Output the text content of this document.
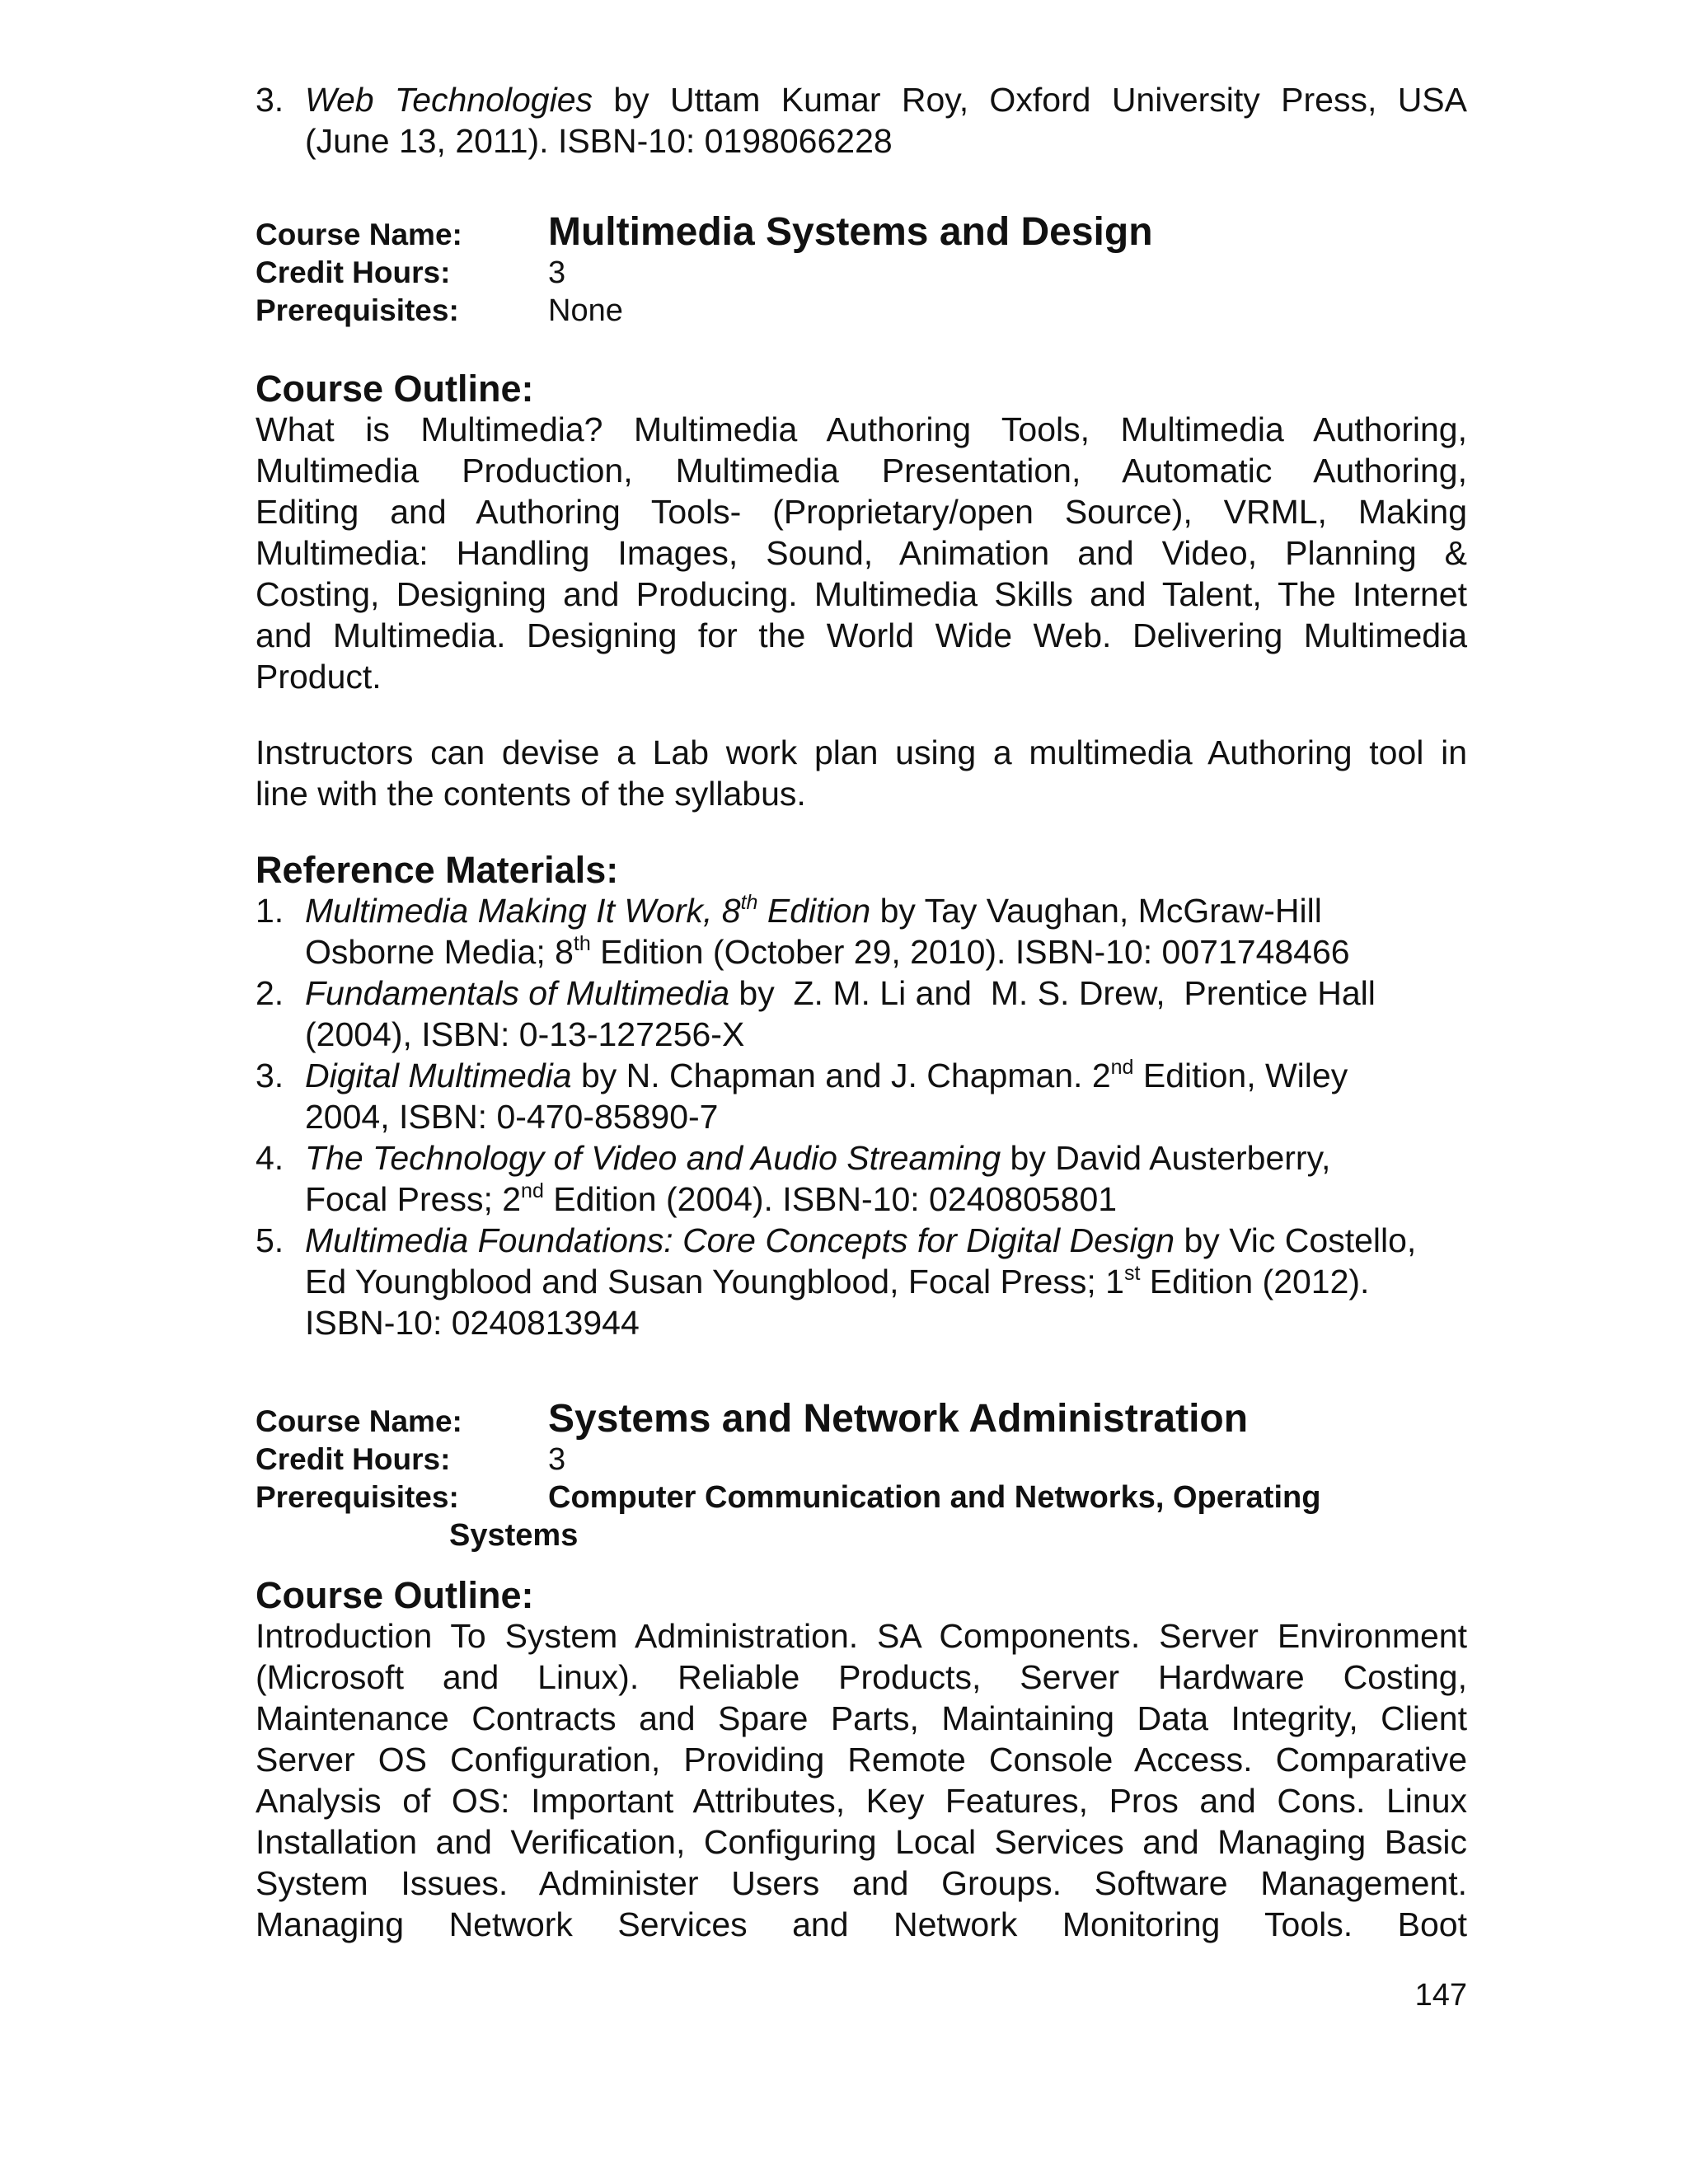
3. Web Technologies by Uttam Kumar Roy, Oxford University Press, USA

(June 13, 2011). ISBN-10: 0198066228

Course Name: Multimedia Systems and Design
Credit Hours:	3
Prerequisites:	None

Course Outline:

What is Multimedia? Multimedia Authoring Tools, Multimedia Authoring,

Multimedia Production, Multimedia Presentation, Automatic Authoring,

Editing and Authoring Tools- (Proprietary/open Source), VRML, Making

Multimedia: Handling Images, Sound, Animation and Video, Planning &

Costing, Designing and Producing. Multimedia Skills and Talent, The Internet

and Multimedia. Designing for the World Wide Web. Delivering Multimedia

Product.

Instructors can devise a Lab work plan using a multimedia Authoring tool in

line with the contents of the syllabus.

Reference Materials:

1. Multimedia Making It Work, 8th Edition by Tay Vaughan, McGraw-Hill

Osborne Media; 8th Edition (October 29, 2010). ISBN-10: 0071748466

2. Fundamentals of Multimedia by  Z. M. Li and  M. S. Drew,  Prentice Hall

(2004), ISBN: 0-13-127256-X

3. Digital Multimedia by N. Chapman and J. Chapman. 2nd Edition, Wiley

2004, ISBN: 0-470-85890-7

4. The Technology of Video and Audio Streaming by David Austerberry,

Focal Press; 2nd Edition (2004). ISBN-10: 0240805801

5. Multimedia Foundations: Core Concepts for Digital Design by Vic Costello,

Ed Youngblood and Susan Youngblood, Focal Press; 1st Edition (2012).

ISBN-10: 0240813944

Course Name: Systems and Network Administration
Credit Hours:	3
Prerequisites:	Computer Communication and Networks, Operating

Systems

Course Outline:

Introduction To System Administration. SA Components. Server Environment

(Microsoft and Linux). Reliable Products, Server Hardware Costing,

Maintenance Contracts and Spare Parts, Maintaining Data Integrity, Client

Server OS Configuration, Providing Remote Console Access. Comparative

Analysis of OS: Important Attributes, Key Features, Pros and Cons. Linux

Installation and Verification, Configuring Local Services and Managing Basic

System Issues. Administer Users and Groups. Software Management.

Managing Network Services and Network Monitoring Tools. Boot

147
